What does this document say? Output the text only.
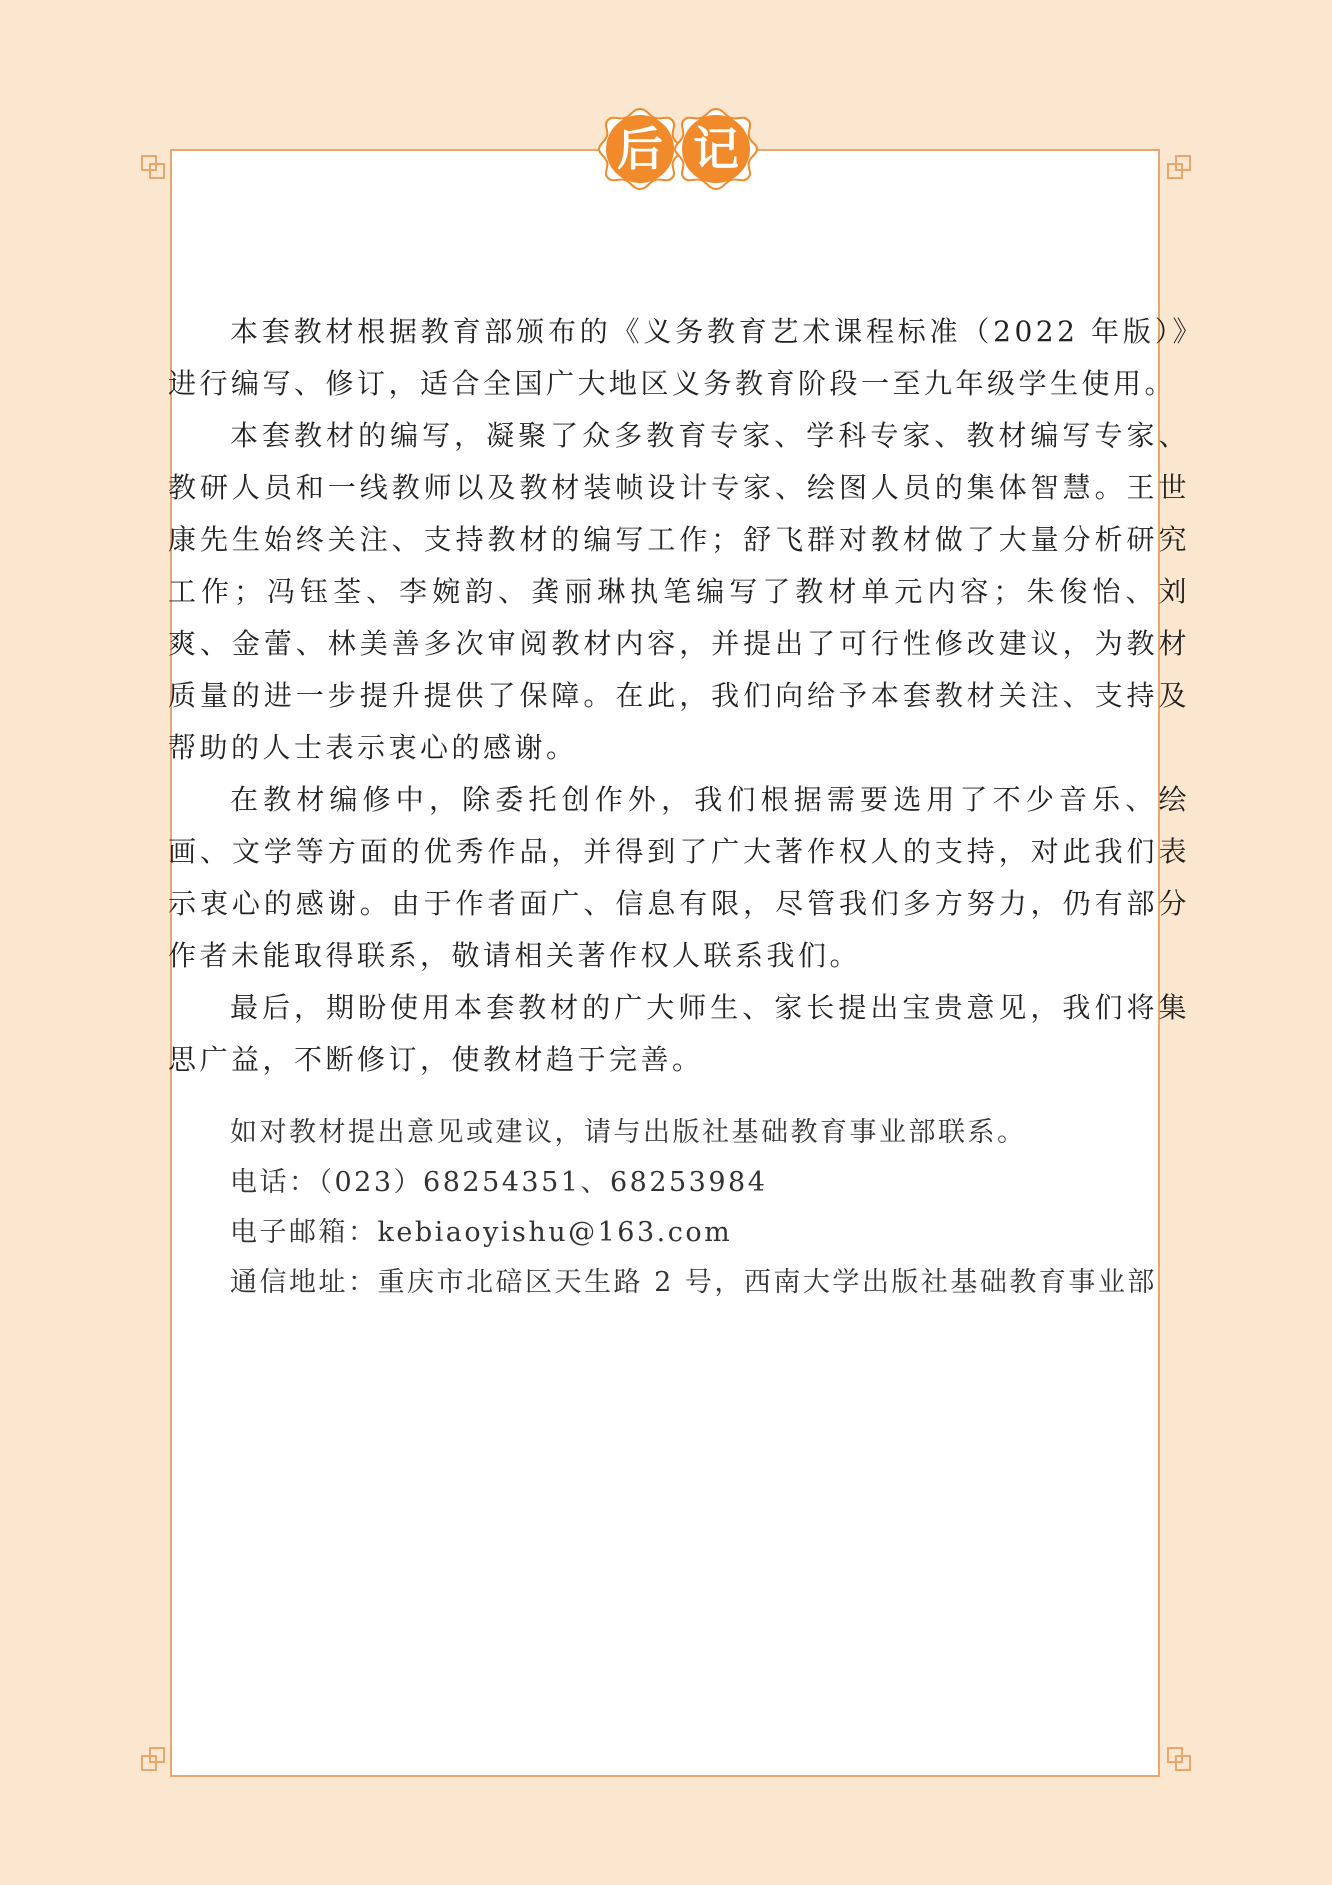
后 记

本套教材根据教育部颁布的《义务教育艺术课程标准（2022 年版）》进行编写、修订，适合全国广大地区义务教育阶段一至九年级学生使用。

本套教材的编写，凝聚了众多教育专家、学科专家、教材编写专家、教研人员和一线教师以及教材装帧设计专家、绘图人员的集体智慧。王世康先生始终关注、支持教材的编写工作；舒飞群对教材做了大量分析研究工作；冯钰荃、李婉韵、龚丽琳执笔编写了教材单元内容；朱俊怡、刘爽、金蕾、林美善多次审阅教材内容，并提出了可行性修改建议，为教材质量的进一步提升提供了保障。在此，我们向给予本套教材关注、支持及帮助的人士表示衷心的感谢。

在教材编修中，除委托创作外，我们根据需要选用了不少音乐、绘画、文学等方面的优秀作品，并得到了广大著作权人的支持，对此我们表示衷心的感谢。由于作者面广、信息有限，尽管我们多方努力，仍有部分作者未能取得联系，敬请相关著作权人联系我们。

最后，期盼使用本套教材的广大师生、家长提出宝贵意见，我们将集思广益，不断修订，使教材趋于完善。

如对教材提出意见或建议，请与出版社基础教育事业部联系。
电话：（023）68254351、68253984
电子邮箱：kebiaoyishu@163.com
通信地址：重庆市北碚区天生路 2 号，西南大学出版社基础教育事业部
